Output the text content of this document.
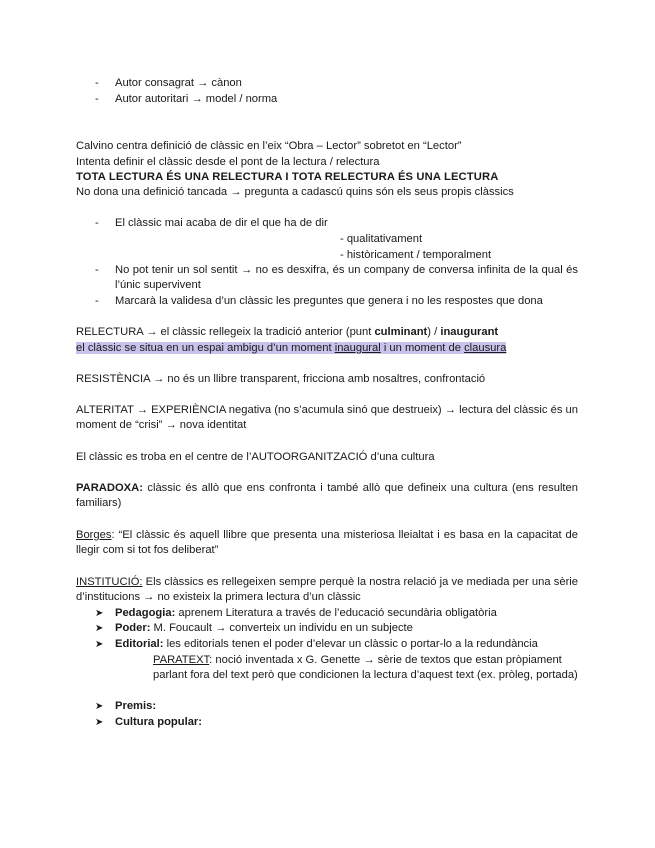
- Autor consagrat → cànon
- Autor autoritari → model / norma
Calvino centra definició de clàssic en l’eix “Obra – Lector” sobretot en “Lector”
Intenta definir el clàssic desde el pont de la lectura / relectura
TOTA LECTURA ÉS UNA RELECTURA I TOTA RELECTURA ÉS UNA LECTURA
No dona una definició tancada → pregunta a cadascú quins són els seus propis clàssics
- El clàssic mai acaba de dir el que ha de dir
- qualitativament
- històricament / temporalment
- No pot tenir un sol sentit → no es desxifra, és un company de conversa infinita de la qual és l’únic supervivent
- Marcarà la validesa d’un clàssic les preguntes que genera i no les respostes que dona
RELECTURA → el clàssic rellegeix la tradició anterior (punt culminant) / inaugurant
el clàssic se situa en un espai ambigu d’un moment inaugural i un moment de clausura
RESISTÈNCIA → no és un llibre transparent, fricciona amb nosaltres, confrontació
ALTERITAT → EXPERIÈNCIA negativa (no s’acumula sinó que destrueix) → lectura del clàssic és un moment de “crisi” → nova identitat
El clàssic es troba en el centre de l’AUTOORGANITZACIÓ d’una cultura
PARADOXA: clàssic és allò que ens confronta i també allò que defineix una cultura (ens resulten familiars)
Borges: “El clàssic és aquell llibre que presenta una misteriosa lleialtat i es basa en la capacitat de llegir com si tot fos deliberat”
INSTITUCIÓ: Els clàssics es rellegeixen sempre perquè la nostra relació ja ve mediada per una sèrie d’institucions → no existeix la primera lectura d’un clàssic
➤ Pedagogia: aprenem Literatura a través de l’educació secundària obligatòria
➤ Poder: M. Foucault → converteix un individu en un subjecte
➤ Editorial: les editorials tenen el poder d’elevar un clàssic o portar-lo a la redundància
PARATEXT: noció inventada x G. Genette → sèrie de textos que estan pròpiament parlant fora del text però que condicionen la lectura d’aquest text (ex. pròleg, portada)
➤ Premis:
➤ Cultura popular:
